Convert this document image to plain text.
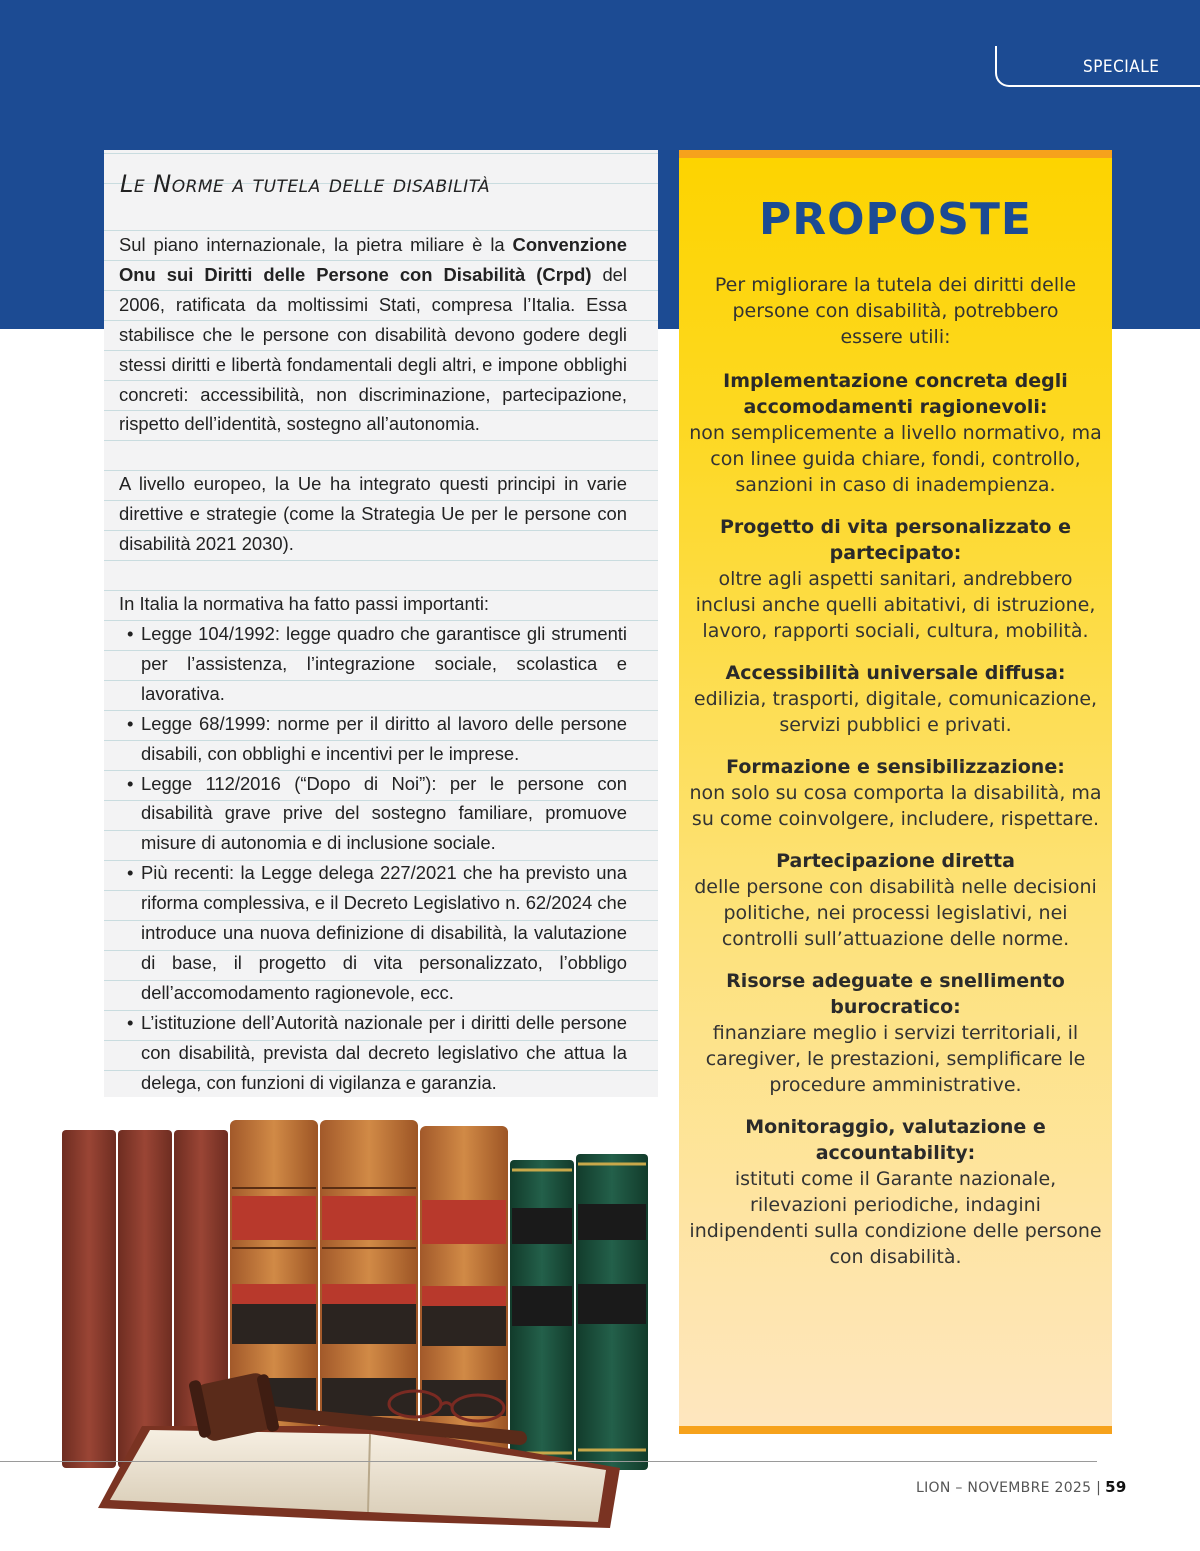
SPECIALE
Le Norme a tutela delle disabilità

Sul piano internazionale, la pietra miliare è la Convenzione Onu sui Diritti delle Persone con Disabilità (Crpd) del 2006, ratificata da moltissimi Stati, compresa l’Italia. Essa stabilisce che le persone con disabilità devono godere degli stessi diritti e libertà fondamentali degli altri, e impone obblighi concreti: accessibilità, non discriminazione, partecipazione, rispetto dell’identità, sostegno all’autonomia.

A livello europeo, la Ue ha integrato questi principi in varie direttive e strategie (come la Strategia Ue per le persone con disabilità 2021 2030).

In Italia la normativa ha fatto passi importanti:

• Legge 104/1992: legge quadro che garantisce gli strumenti per l’assistenza, l’integrazione sociale, scolastica e lavorativa.
• Legge 68/1999: norme per il diritto al lavoro delle persone disabili, con obblighi e incentivi per le imprese.
• Legge 112/2016 (“Dopo di Noi”): per le persone con disabilità grave prive del sostegno familiare, promuove misure di autonomia e di inclusione sociale.
• Più recenti: la Legge delega 227/2021 che ha previsto una riforma complessiva, e il Decreto Legislativo n. 62/2024 che introduce una nuova definizione di disabilità, la valutazione di base, il progetto di vita personalizzato, l’obbligo dell’accomodamento ragionevole, ecc.
• L’istituzione dell’Autorità nazionale per i diritti delle persone con disabilità, prevista dal decreto legislativo che attua la delega, con funzioni di vigilanza e garanzia.
PROPOSTE

Per migliorare la tutela dei diritti delle persone con disabilità, potrebbero essere utili:

Implementazione concreta degli accomodamenti ragionevoli:
non semplicemente a livello normativo, ma con linee guida chiare, fondi, controllo, sanzioni in caso di inadempienza.
Progetto di vita personalizzato e partecipato:
oltre agli aspetti sanitari, andrebbero inclusi anche quelli abitativi, di istruzione, lavoro, rapporti sociali, cultura, mobilità.
Accessibilità universale diffusa:
edilizia, trasporti, digitale, comunicazione, servizi pubblici e privati.
Formazione e sensibilizzazione:
non solo su cosa comporta la disabilità, ma su come coinvolgere, includere, rispettare.
Partecipazione diretta
delle persone con disabilità nelle decisioni politiche, nei processi legislativi, nei controlli sull’attuazione delle norme.
Risorse adeguate e snellimento burocratico:
finanziare meglio i servizi territoriali, il caregiver, le prestazioni, semplificare le procedure amministrative.
Monitoraggio, valutazione e accountability:
istituti come il Garante nazionale, rilevazioni periodiche, indagini indipendenti sulla condizione delle persone con disabilità.
LION – NOVEMBRE 2025 | 59
